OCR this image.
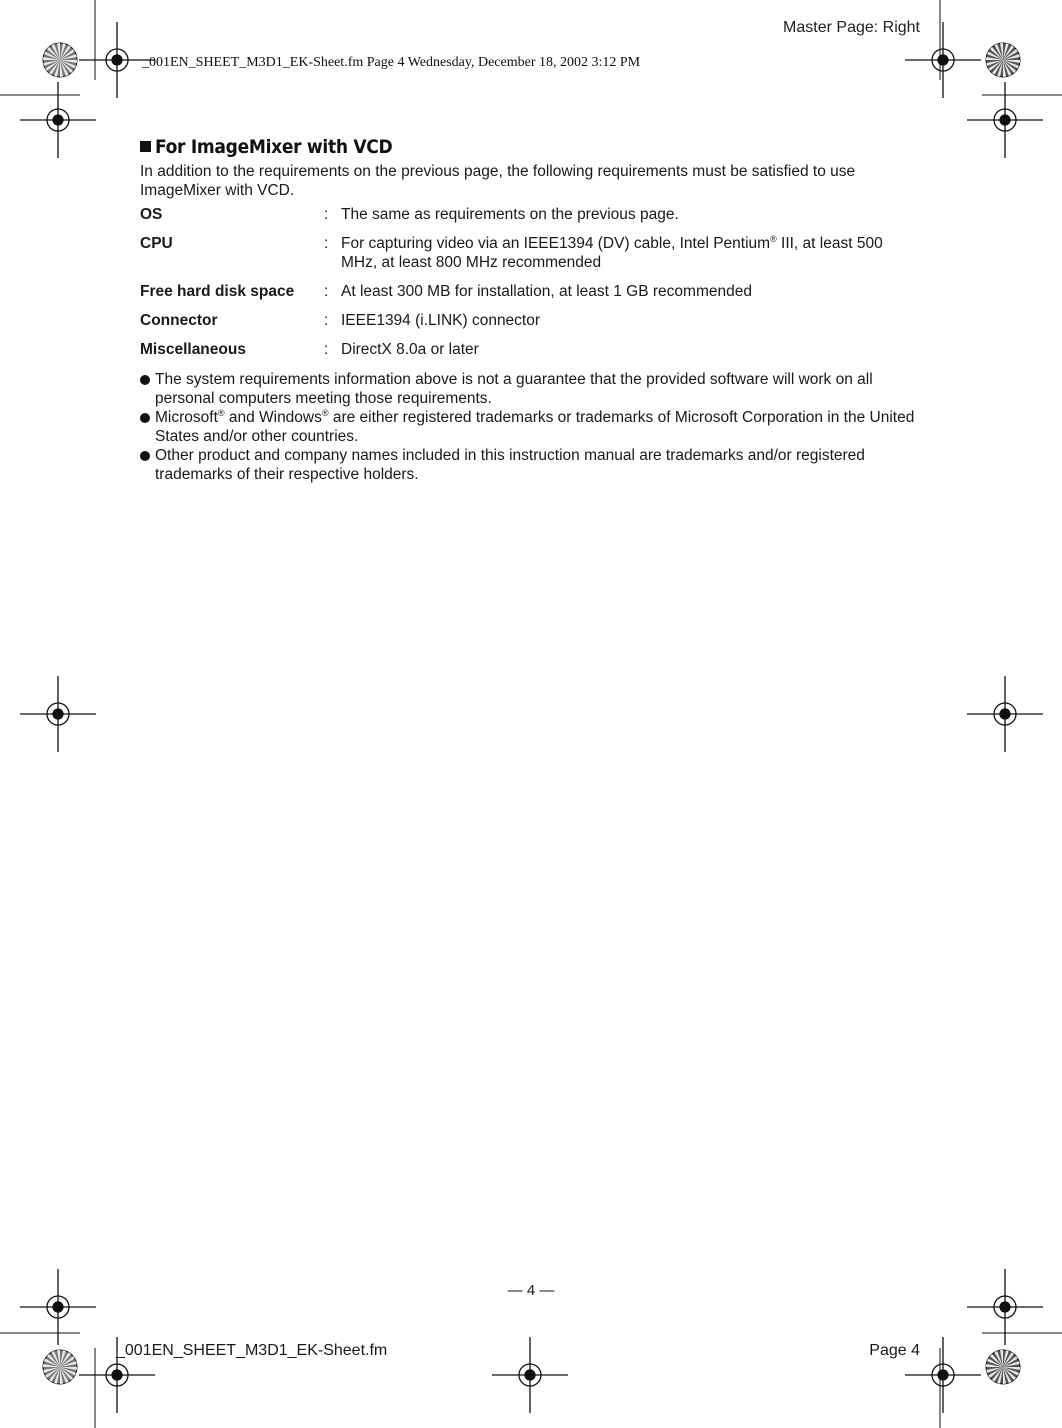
Master Page: Right
_001EN_SHEET_M3D1_EK-Sheet.fm Page 4 Wednesday, December 18, 2002 3:12 PM
For ImageMixer with VCD
In addition to the requirements on the previous page, the following requirements must be satisfied to use ImageMixer with VCD.
OS	: The same as requirements on the previous page.
CPU	: For capturing video via an IEEE1394 (DV) cable, Intel Pentium® III, at least 500 MHz, at least 800 MHz recommended
Free hard disk space : At least 300 MB for installation, at least 1 GB recommended
Connector	: IEEE1394 (i.LINK) connector
Miscellaneous	: DirectX 8.0a or later
The system requirements information above is not a guarantee that the provided software will work on all personal computers meeting those requirements.
Microsoft® and Windows® are either registered trademarks or trademarks of Microsoft Corporation in the United States and/or other countries.
Other product and company names included in this instruction manual are trademarks and/or registered trademarks of their respective holders.
— 4 —
_001EN_SHEET_M3D1_EK-Sheet.fm	Page 4
